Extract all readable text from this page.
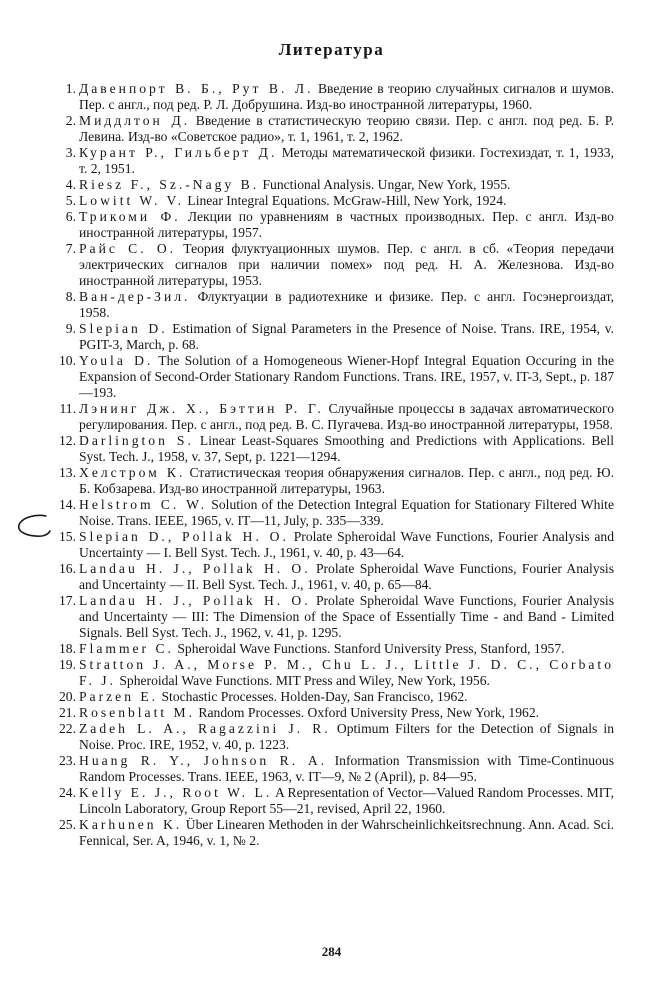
Литература
1. Давенпорт В. Б., Рут В. Л. Введение в теорию случайных сигналов и шумов. Пер. с англ., под ред. Р. Л. Добрушина. Изд-во иностранной литературы, 1960.
2. Миддлтон Д. Введение в статистическую теорию связи. Пер. с англ. под ред. Б. Р. Левина. Изд-во «Советское радио», т. 1, 1961, т. 2, 1962.
3. Курант Р., Гильберт Д. Методы математической физики. Гостехиздат, т. 1, 1933, т. 2, 1951.
4. Riesz F., Sz.-Nagy B. Functional Analysis. Ungar, New York, 1955.
5. Lowitt W. V. Linear Integral Equations. McGraw-Hill, New York, 1924.
6. Трикоми Ф. Лекции по уравнениям в частных производных. Пер. с англ. Изд-во иностранной литературы, 1957.
7. Райс С. О. Теория флуктуационных шумов. Пер. с англ. в сб. «Теория передачи электрических сигналов при наличии помех» под ред. Н. А. Железнова. Изд-во иностранной литературы, 1953.
8. Ван-дер-Зил. Флуктуации в радиотехнике и физике. Пер. с англ. Госэнергоиздат, 1958.
9. Slepian D. Estimation of Signal Parameters in the Presence of Noise. Trans. IRE, 1954, v. PGIT-3, March, p. 68.
10. Youla D. The Solution of a Homogeneous Wiener-Hopf Integral Equation Occuring in the Expansion of Second-Order Stationary Random Functions. Trans. IRE, 1957, v. IT-3, Sept., p. 187—193.
11. Лэнинг Дж. Х., Бэттин Р. Г. Случайные процессы в задачах автоматического регулирования. Пер. с англ., под ред. В. С. Пугачева. Изд-во иностранной литературы, 1958.
12. Darlington S. Linear Least-Squares Smoothing and Predictions with Applications. Bell Syst. Tech. J., 1958, v. 37, Sept, p. 1221—1294.
13. Хелстром К. Статистическая теория обнаружения сигналов. Пер. с англ., под ред. Ю. Б. Кобзарева. Изд-во иностранной литературы, 1963.
14. Helstrom C. W. Solution of the Detection Integral Equation for Stationary Filtered White Noise. Trans. IEEE, 1965, v. IT—11, July, p. 335—339.
15. Slepian D., Pollak H. O. Prolate Spheroidal Wave Functions, Fourier Analysis and Uncertainty — I. Bell Syst. Tech. J., 1961, v. 40, p. 43—64.
16. Landau H. J., Pollak H. O. Prolate Spheroidal Wave Functions, Fourier Analysis and Uncertainty — II. Bell Syst. Tech. J., 1961, v. 40, p. 65—84.
17. Landau H. J., Pollak H. O. Prolate Spheroidal Wave Functions, Fourier Analysis and Uncertainty — III: The Dimension of the Space of Essentially Time - and Band - Limited Signals. Bell Syst. Tech. J., 1962, v. 41, p. 1295.
18. Flammer C. Spheroidal Wave Functions. Stanford University Press, Stanford, 1957.
19. Stratton J. A., Morse P. M., Chu L. J., Little J. D. C., Corbato F. J. Spheroidal Wave Functions. MIT Press and Wiley, New York, 1956.
20. Parzen E. Stochastic Processes. Holden-Day, San Francisco, 1962.
21. Rosenblatt M. Random Processes. Oxford University Press, New York, 1962.
22. Zadeh L. A., Ragazzini J. R. Optimum Filters for the Detection of Signals in Noise. Proc. IRE, 1952, v. 40, p. 1223.
23. Huang R. Y., Johnson R. A. Information Transmission with Time-Continuous Random Processes. Trans. IEEE, 1963, v. IT—9, № 2 (April), p. 84—95.
24. Kelly E. J., Root W. L. A Representation of Vector—Valued Random Processes. MIT, Lincoln Laboratory, Group Report 55—21, revised, April 22, 1960.
25. Karhunen K. Über Linearen Methoden in der Wahrscheinlichkeitsrechnung. Ann. Acad. Sci. Fennical, Ser. A, 1946, v. 1, № 2.
284
